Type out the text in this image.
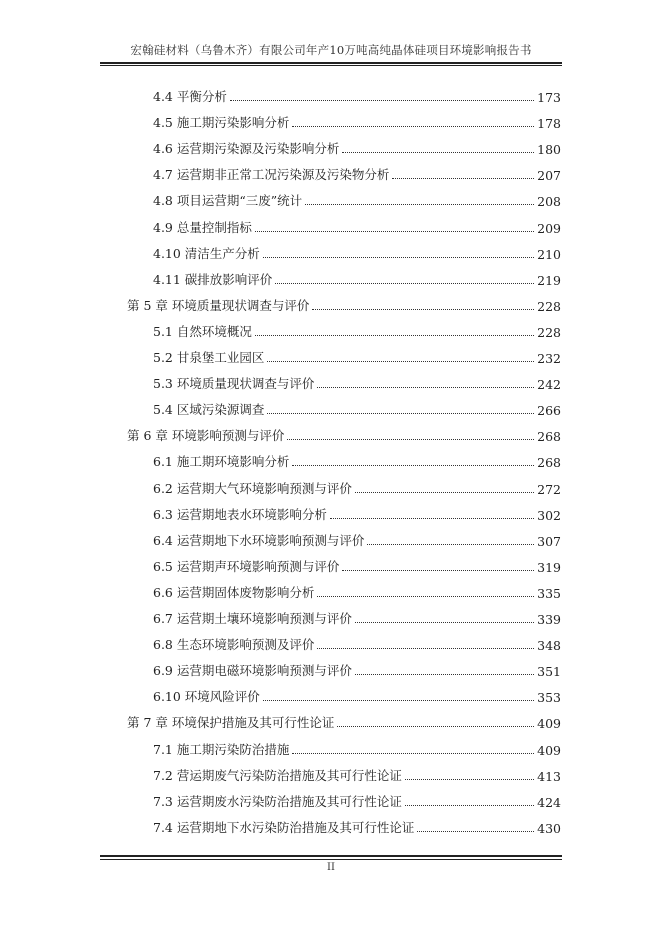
宏翰硅材料（乌鲁木齐）有限公司年产10万吨高纯晶体硅项目环境影响报告书
4.4 平衡分析	173
4.5 施工期污染影响分析	178
4.6 运营期污染源及污染影响分析	180
4.7 运营期非正常工况污染源及污染物分析	207
4.8 项目运营期“三废”统计	208
4.9 总量控制指标	209
4.10 清洁生产分析	210
4.11 碳排放影响评价	219
第 5 章 环境质量现状调查与评价	228
5.1 自然环境概况	228
5.2 甘泉堡工业园区	232
5.3 环境质量现状调查与评价	242
5.4 区域污染源调查	266
第 6 章 环境影响预测与评价	268
6.1 施工期环境影响分析	268
6.2 运营期大气环境影响预测与评价	272
6.3 运营期地表水环境影响分析	302
6.4 运营期地下水环境影响预测与评价	307
6.5 运营期声环境影响预测与评价	319
6.6 运营期固体废物影响分析	335
6.7 运营期土壤环境影响预测与评价	339
6.8 生态环境影响预测及评价	348
6.9 运营期电磁环境影响预测与评价	351
6.10 环境风险评价	353
第 7 章 环境保护措施及其可行性论证	409
7.1 施工期污染防治措施	409
7.2 营运期废气污染防治措施及其可行性论证	413
7.3 运营期废水污染防治措施及其可行性论证	424
7.4 运营期地下水污染防治措施及其可行性论证	430
II
